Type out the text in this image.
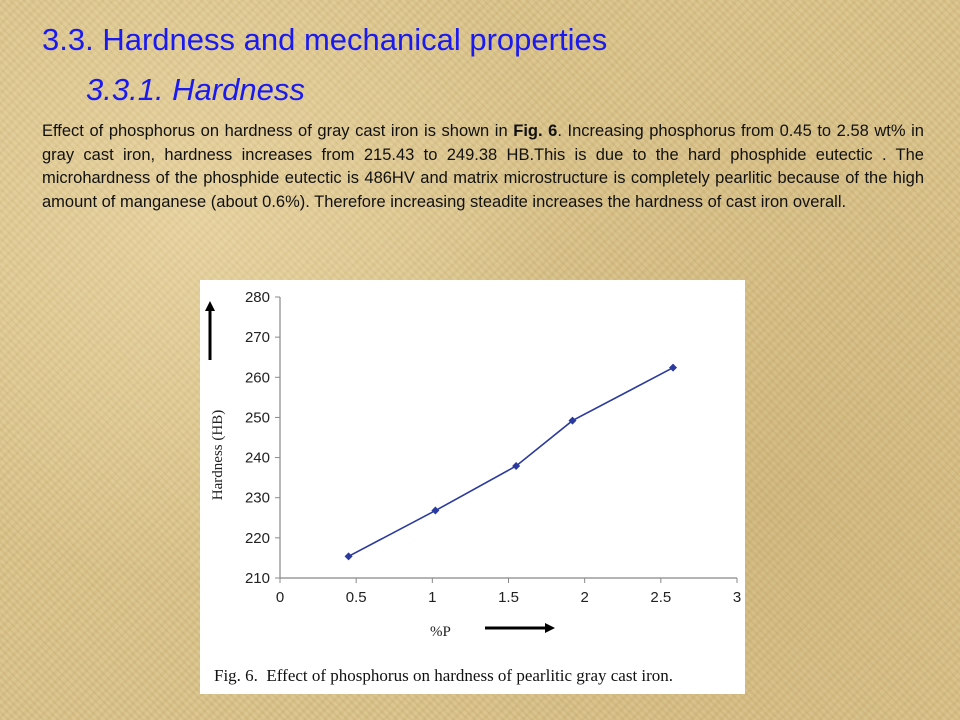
3.3. Hardness and mechanical properties
3.3.1. Hardness

Effect of phosphorus on hardness of gray cast iron is shown in Fig. 6. Increasing phosphorus from 0.45 to 2.58 wt% in gray cast iron, hardness increases from 215.43 to 249.38 HB.This is due to the hard phosphide eutectic . The microhardness of the phosphide eutectic is 486HV and matrix microstructure is completely pearlitic because of the high amount of manganese (about 0.6%). Therefore increasing steadite increases the hardness of cast iron overall.

210
220
230
240
250
260
270
280
0	0.5	1	1.5	2	2.5	3
Hardness (HB)
%P
Fig. 6.  Effect of phosphorus on hardness of pearlitic gray cast iron.
